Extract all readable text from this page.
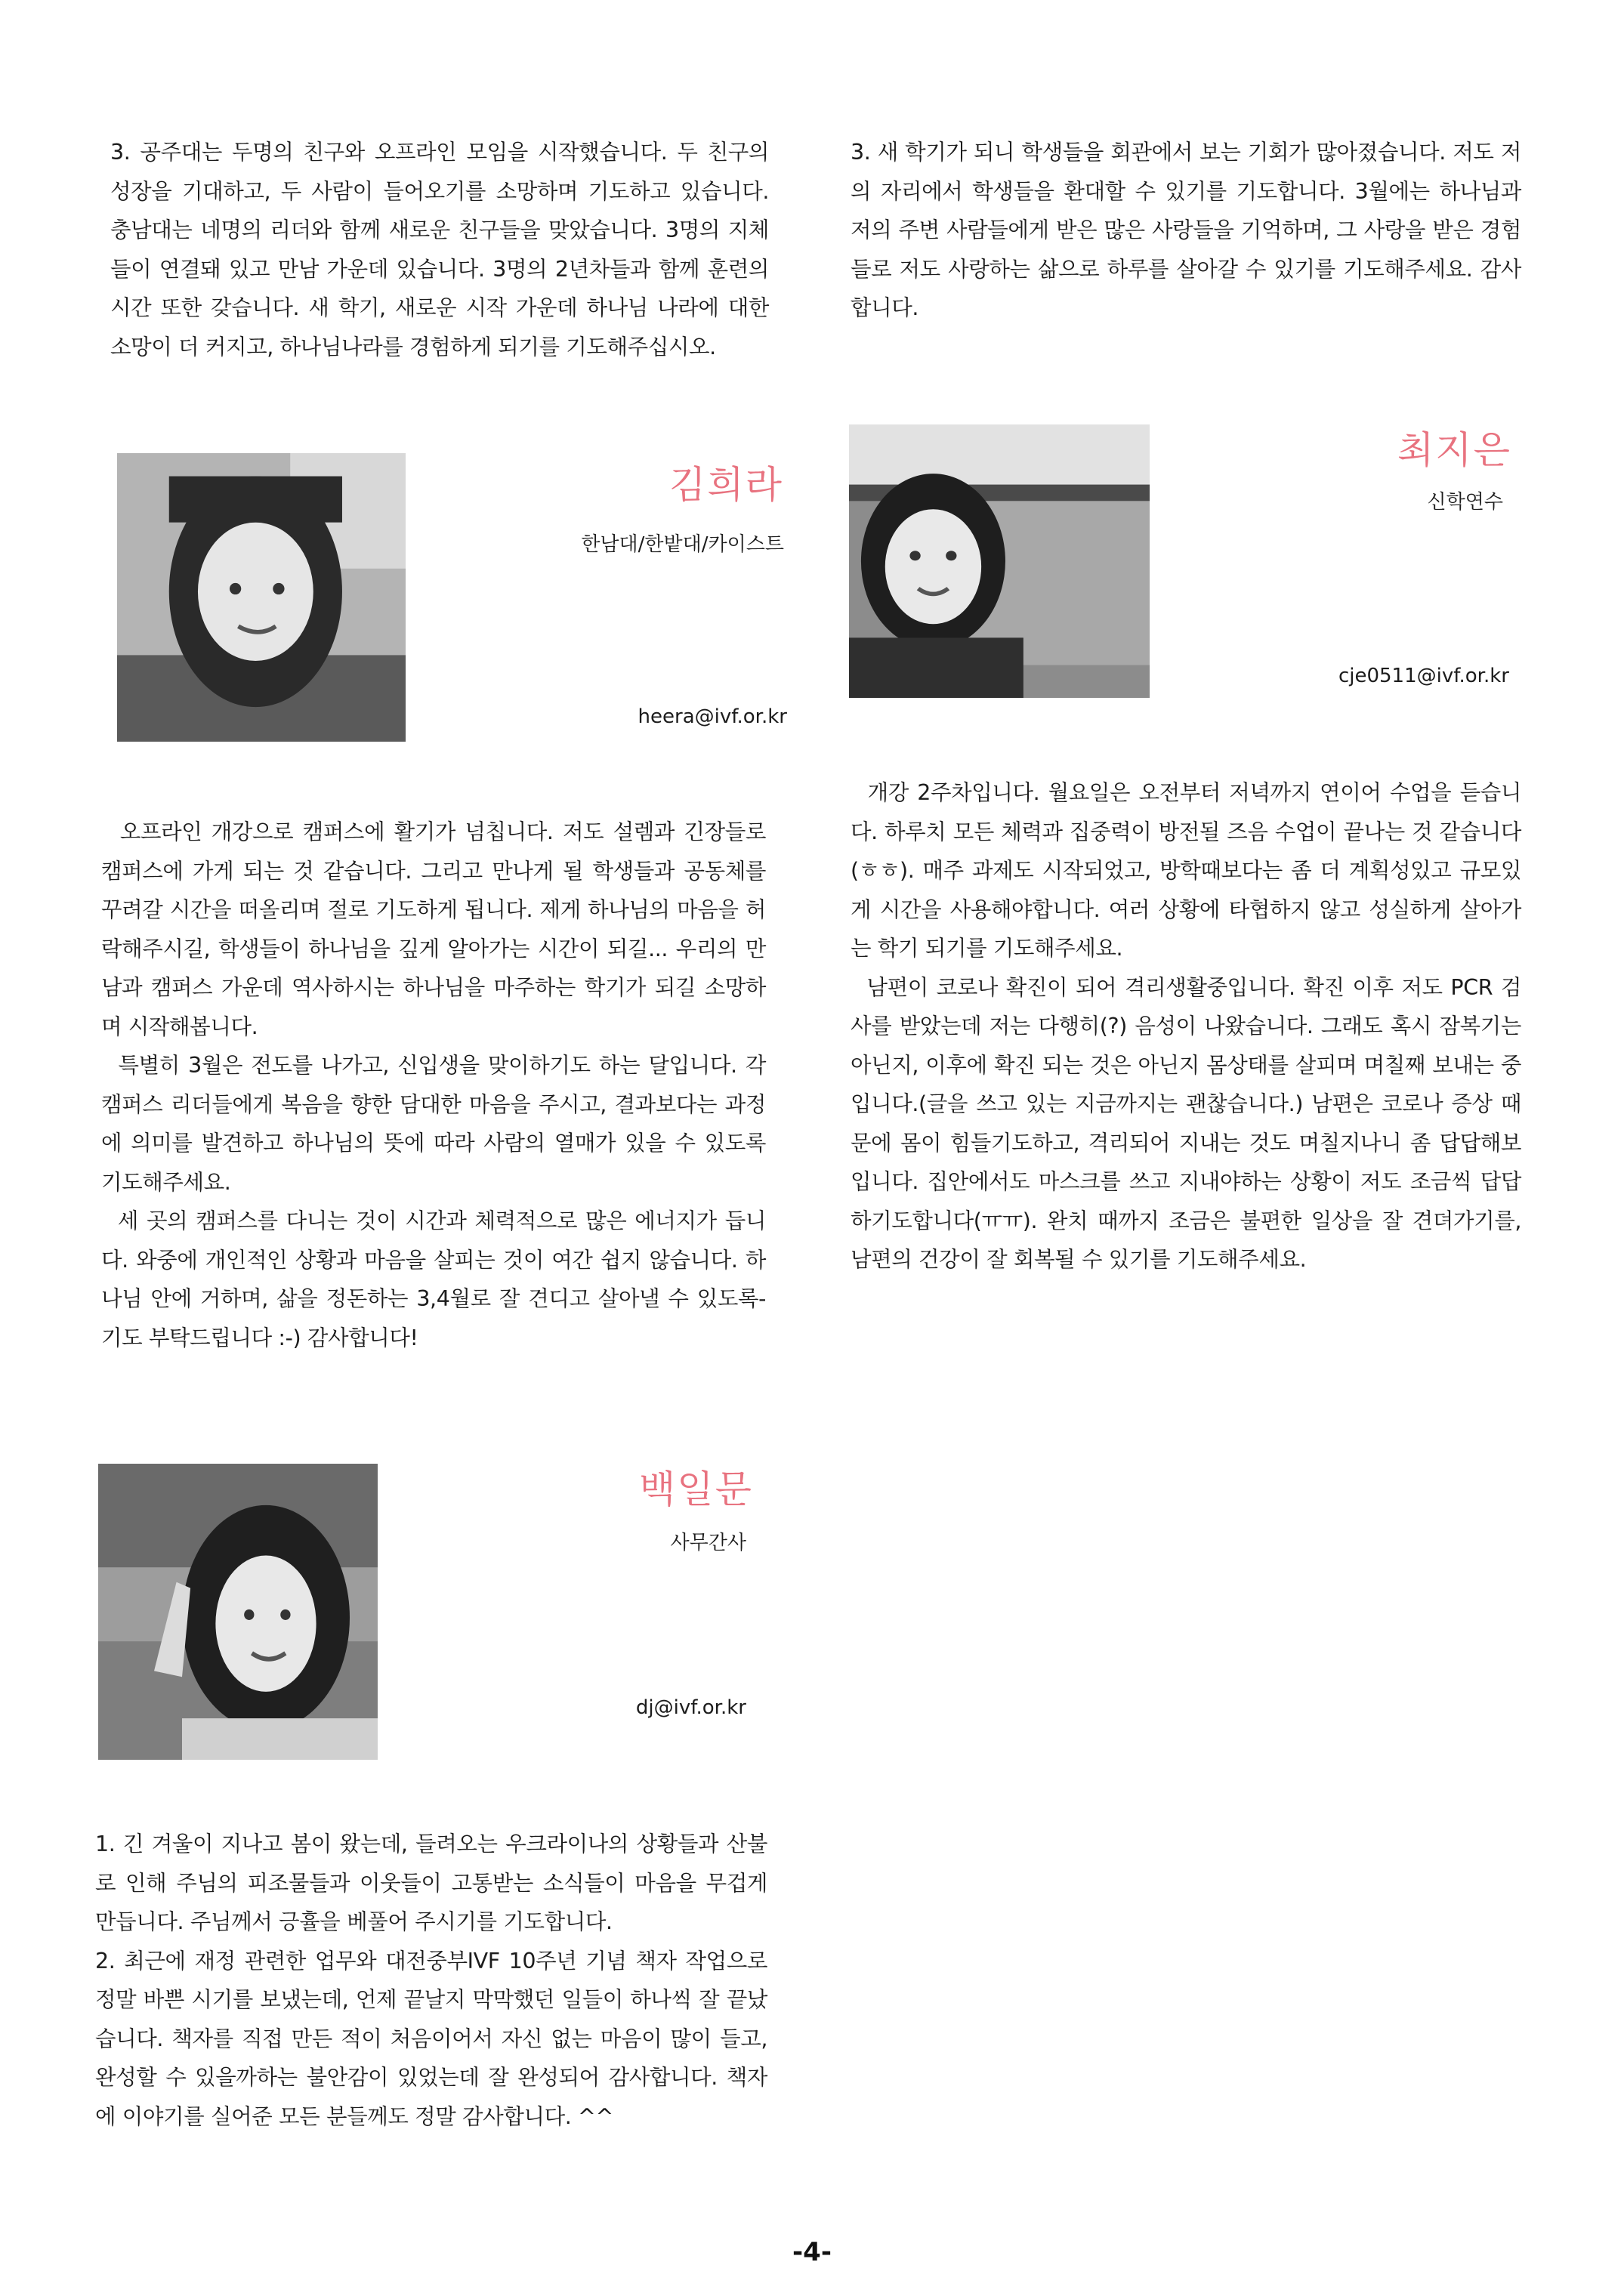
3. 공주대는 두명의 친구와 오프라인 모임을 시작했습니다. 두 친구의 성장을 기대하고, 두 사람이 들어오기를 소망하며 기도하고 있습니다. 충남대는 네명의 리더와 함께 새로운 친구들을 맞았습니다. 3명의 지체들이 연결돼 있고 만남 가운데 있습니다. 3명의 2년차들과 함께 훈련의 시간 또한 갖습니다. 새 학기, 새로운 시작 가운데 하나님 나라에 대한 소망이 더 커지고, 하나님나라를 경험하게 되기를 기도해주십시오.

3. 새 학기가 되니 학생들을 회관에서 보는 기회가 많아졌습니다. 저도 저의 자리에서 학생들을 환대할 수 있기를 기도합니다. 3월에는 하나님과 저의 주변 사람들에게 받은 많은 사랑들을 기억하며, 그 사랑을 받은 경험들로 저도 사랑하는 삶으로 하루를 살아갈 수 있기를 기도해주세요. 감사합니다.

김희라

한남대/한밭대/카이스트

heera@ivf.or.kr

최지은

신학연수

cje0511@ivf.or.kr

오프라인 개강으로 캠퍼스에 활기가 넘칩니다. 저도 설렘과 긴장들로 캠퍼스에 가게 되는 것 같습니다. 그리고 만나게 될 학생들과 공동체를 꾸려갈 시간을 떠올리며 절로 기도하게 됩니다. 제게 하나님의 마음을 허락해주시길, 학생들이 하나님을 깊게 알아가는 시간이 되길... 우리의 만남과 캠퍼스 가운데 역사하시는 하나님을 마주하는 학기가 되길 소망하며 시작해봅니다.
특별히 3월은 전도를 나가고, 신입생을 맞이하기도 하는 달입니다. 각 캠퍼스 리더들에게 복음을 향한 담대한 마음을 주시고, 결과보다는 과정에 의미를 발견하고 하나님의 뜻에 따라 사람의 열매가 있을 수 있도록 기도해주세요.
세 곳의 캠퍼스를 다니는 것이 시간과 체력적으로 많은 에너지가 듭니다. 와중에 개인적인 상황과 마음을 살피는 것이 여간 쉽지 않습니다. 하나님 안에 거하며, 삶을 정돈하는 3,4월로 잘 견디고 살아낼 수 있도록- 기도 부탁드립니다 :-) 감사합니다!

개강 2주차입니다. 월요일은 오전부터 저녁까지 연이어 수업을 듣습니다. 하루치 모든 체력과 집중력이 방전될 즈음 수업이 끝나는 것 같습니다(ㅎㅎ). 매주 과제도 시작되었고, 방학때보다는 좀 더 계획성있고 규모있게 시간을 사용해야합니다. 여러 상황에 타협하지 않고 성실하게 살아가는 학기 되기를 기도해주세요.
남편이 코로나 확진이 되어 격리생활중입니다. 확진 이후 저도 PCR 검사를 받았는데 저는 다행히(?) 음성이 나왔습니다. 그래도 혹시 잠복기는 아닌지, 이후에 확진 되는 것은 아닌지 몸상태를 살피며 며칠째 보내는 중입니다.(글을 쓰고 있는 지금까지는 괜찮습니다.) 남편은 코로나 증상 때문에 몸이 힘들기도하고, 격리되어 지내는 것도 며칠지나니 좀 답답해보입니다. 집안에서도 마스크를 쓰고 지내야하는 상황이 저도 조금씩 답답하기도합니다(ㅠㅠ). 완치 때까지 조금은 불편한 일상을 잘 견뎌가기를, 남편의 건강이 잘 회복될 수 있기를 기도해주세요.

백일문

사무간사

dj@ivf.or.kr

1. 긴 겨울이 지나고 봄이 왔는데, 들려오는 우크라이나의 상황들과 산불로 인해 주님의 피조물들과 이웃들이 고통받는 소식들이 마음을 무겁게 만듭니다. 주님께서 긍휼을 베풀어 주시기를 기도합니다.
2. 최근에 재정 관련한 업무와 대전중부IVF 10주년 기념 책자 작업으로 정말 바쁜 시기를 보냈는데, 언제 끝날지 막막했던 일들이 하나씩 잘 끝났습니다. 책자를 직접 만든 적이 처음이어서 자신 없는 마음이 많이 들고, 완성할 수 있을까하는 불안감이 있었는데 잘 완성되어 감사합니다. 책자에 이야기를 실어준 모든 분들께도 정말 감사합니다. ^^

-4-
